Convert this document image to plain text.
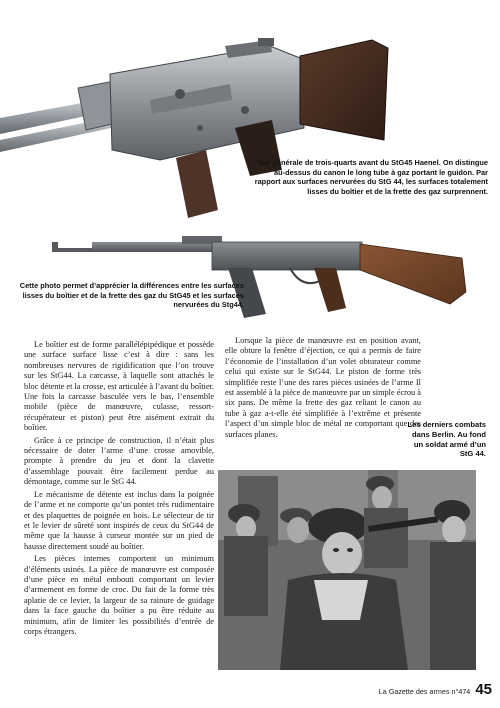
Vue générale de trois-quarts avant du StG45 Haenel. On distingue au-dessus du canon le long tube à gaz portant le guidon. Par rapport aux surfaces nervurées du StG 44, les surfaces totalement lisses du boîtier et de la frette des gaz surprennent.

Cette photo permet d’apprécier la différences entre les surfaces lisses du boîtier et de la frette des gaz du StG45 et les surfaces nervurées du Stg44.

Le boîtier est de forme parallélépipédique et possède une surface surface lisse c’est à dire : sans les nombreuses nervures de rigidification que l’on trouve sur les StG44. La carcasse, à laquelle sont attachés le bloc détente et la crosse, est articulée à l’avant du boîtier. Une fois la carcasse basculée vers le bas, l’ensemble mobile (pièce de manœuvre, culasse, ressort-récupérateur et piston) peut être aisément extrait du boîtier.

Grâce à ce principe de construction, il n’était plus nécessaire de doter l’arme d’une crosse amovible, prompte à prendre du jeu et dont la clavette d’assemblage pouvait être facilement perdue au démontage, comme sur le StG 44.

Le mécanisme de détente est inclus dans la poignée de l’arme et ne comporte qu’un pontet très rudimentaire et des plaquettes de poignée en bois. Le sélecteur de tir et le levier de sûreté sont inspirés de ceux du StG44 de même que la hausse à curseur montée sur un pied de hausse directement soudé au boîtier.

Les pièces internes comportent un minimum d’éléments usinés. La pièce de manœuvre est composée d’une pièce en métal embouti comportant un levier d’armement en forme de croc. Du fait de la forme très aplatie de ce levier, la largeur de sa rainure de guidage dans la face gauche du boîtier a pu être réduite au minimum, afin de limiter les possibilités d’entrée de corps étrangers.

Lorsque la pièce de manœuvre est en position avant, elle obture la fenêtre d’éjection, ce qui a permis de faire l’économie de l’installation d’un volet obturateur comme celui qui existe sur le StG44. Le piston de forme très simplifiée reste l’une des rares pièces usinées de l’arme Il est assemblé à la pièce de manœuvre par un simple écrou à six pans. De même la frette des gaz reliant le canon au tube à gaz a-t-elle été simplifiée à l’extrême et présente l’aspect d’un simple bloc de métal ne comportant que des surfaces planes.

Les derniers combats dans Berlin. Au fond un soldat armé d’un StG 44.

La Gazette des armes n°474 45
